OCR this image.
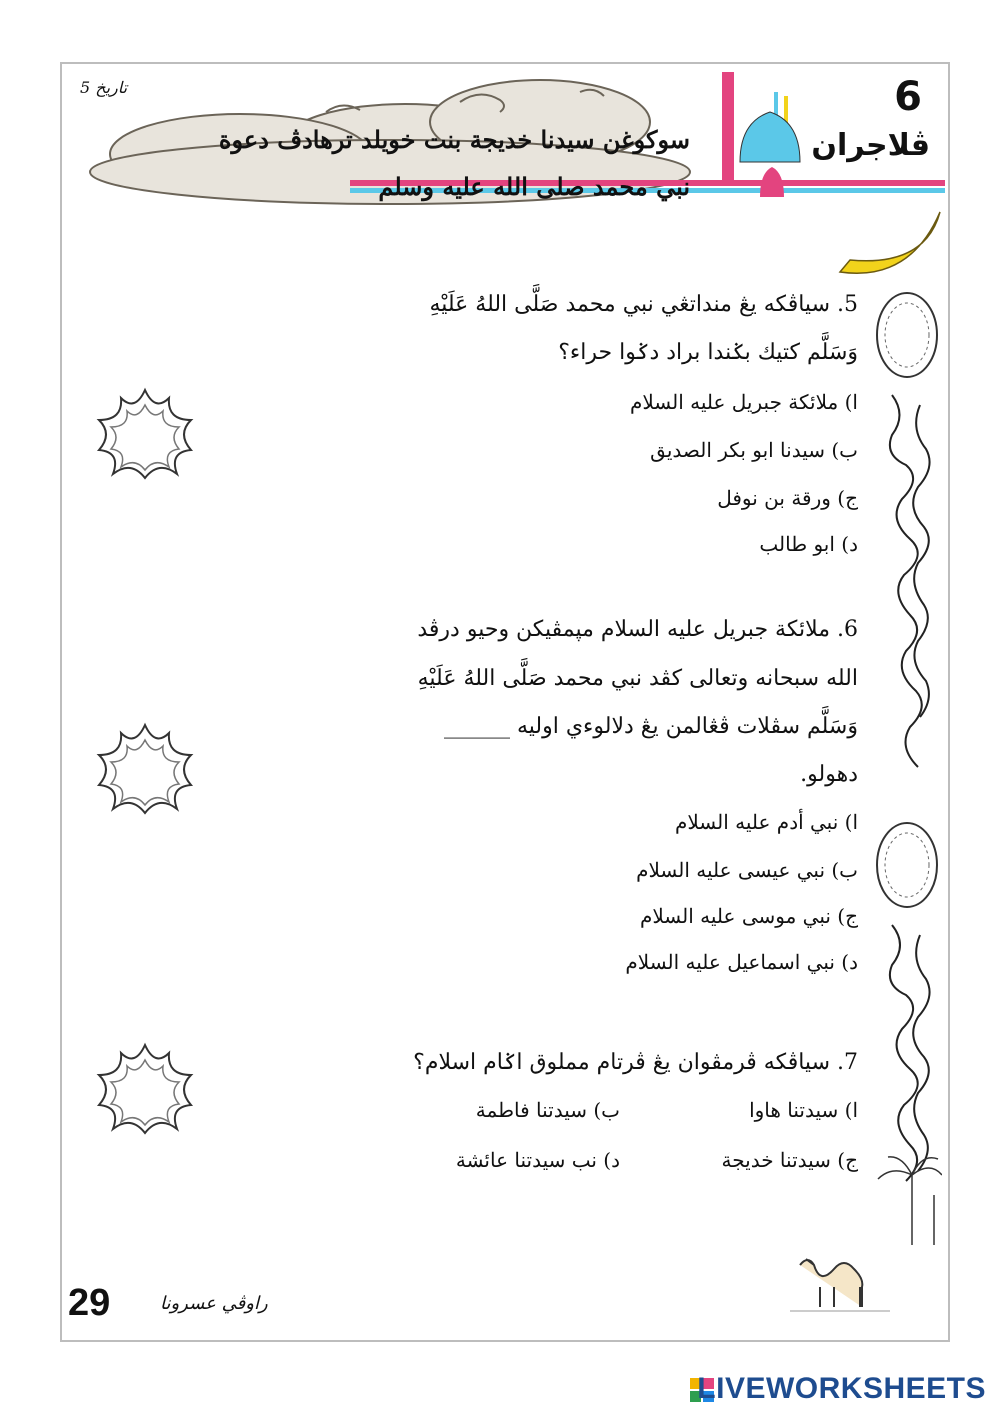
6
ڤلاجران
تاريخ 5
سوكوغن سيدنا خديجة بنت خويلد ترهادڤ دعوة
نبي محمد صلى الله عليه وسلم
5. سياڤكه يڠ منداتڠي نبي محمد صَلَّى اللهُ عَلَيْهِ
وَسَلَّم كتيك بݢندا براد دݢوا حراء؟
ا) ملائكة جبريل عليه السلام
ب) سيدنا ابو بكر الصديق
ج) ورقة بن نوفل
د) ابو طالب
6. ملائكة جبريل عليه السلام مپمڤيكن وحيو درڤد
الله سبحانه وتعالى كڤد نبي محمد صَلَّى اللهُ عَلَيْهِ
وَسَلَّم سڤلات ڤڠالمن يڠ دلالوءي اوليه ______
دهولو.
ا) نبي أدم عليه السلام
ب) نبي عيسى عليه السلام
ج) نبي موسى عليه السلام
د) نبي اسماعيل عليه السلام
7. سياڤكه ڤرمڤوان يڠ ڤرتام مملوق اݢام اسلام؟
ا) سيدتنا هاوا
ب) سيدتنا فاطمة
ج) سيدتنا خديجة
د) نب سيدتنا عائشة
29	راوڤي عسرونا
LIVEWORKSHEETS
